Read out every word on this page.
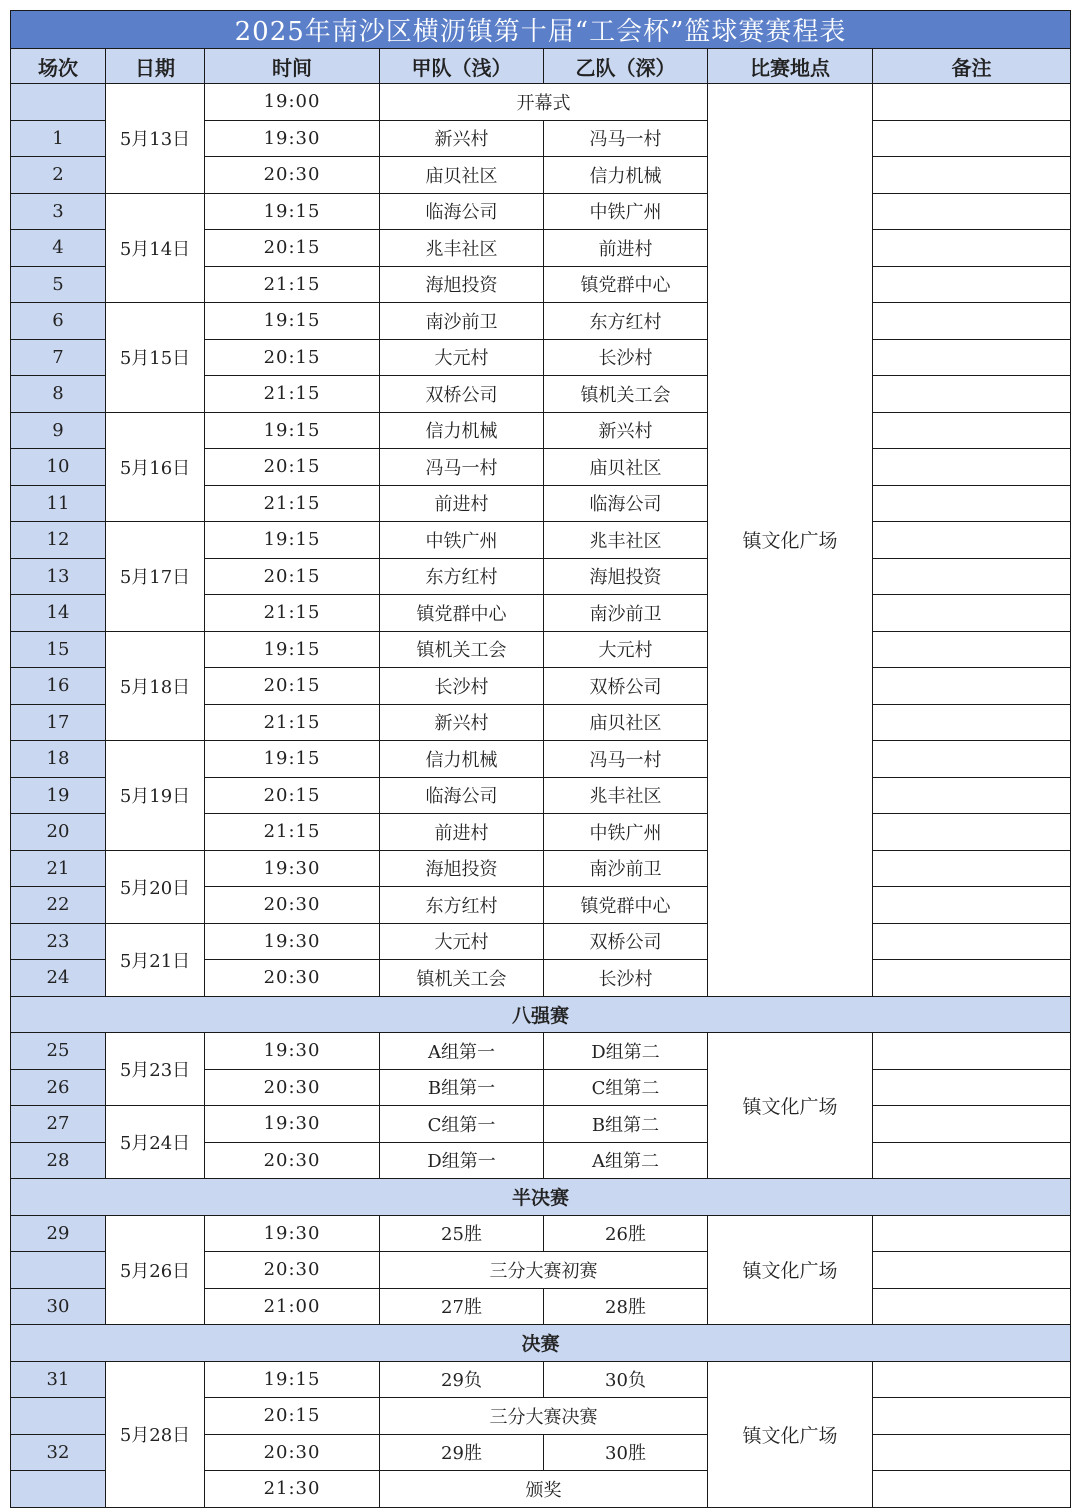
2025年南沙区横沥镇第十届“工会杯”篮球赛赛程表						
场次	日期	时间	甲队（浅）	乙队（深）	比赛地点	备注
	5月13日	19:00	开幕式		镇文化广场	
1		19:30	新兴村	冯马一村		
2		20:30	庙贝社区	信力机械		
3	5月14日	19:15	临海公司	中铁广州		
4		20:15	兆丰社区	前进村		
5		21:15	海旭投资	镇党群中心		
6	5月15日	19:15	南沙前卫	东方红村		
7		20:15	大元村	长沙村		
8		21:15	双桥公司	镇机关工会		
9	5月16日	19:15	信力机械	新兴村		
10		20:15	冯马一村	庙贝社区		
11		21:15	前进村	临海公司		
12	5月17日	19:15	中铁广州	兆丰社区		
13		20:15	东方红村	海旭投资		
14		21:15	镇党群中心	南沙前卫		
15	5月18日	19:15	镇机关工会	大元村		
16		20:15	长沙村	双桥公司		
17		21:15	新兴村	庙贝社区		
18	5月19日	19:15	信力机械	冯马一村		
19		20:15	临海公司	兆丰社区		
20		21:15	前进村	中铁广州		
21	5月20日	19:30	海旭投资	南沙前卫		
22		20:30	东方红村	镇党群中心		
23	5月21日	19:30	大元村	双桥公司		
24		20:30	镇机关工会	长沙村		
八强赛						
25	5月23日	19:30	A组第一	D组第二	镇文化广场	
26		20:30	B组第一	C组第二		
27	5月24日	19:30	C组第一	B组第二		
28		20:30	D组第一	A组第二		
半决赛						
29	5月26日	19:30	25胜	26胜	镇文化广场	
		20:30	三分大赛初赛			
30		21:00	27胜	28胜		
决赛						
31	5月28日	19:15	29负	30负	镇文化广场	
		20:15	三分大赛决赛			
32		20:30	29胜	30胜		
		21:30	颁奖			
